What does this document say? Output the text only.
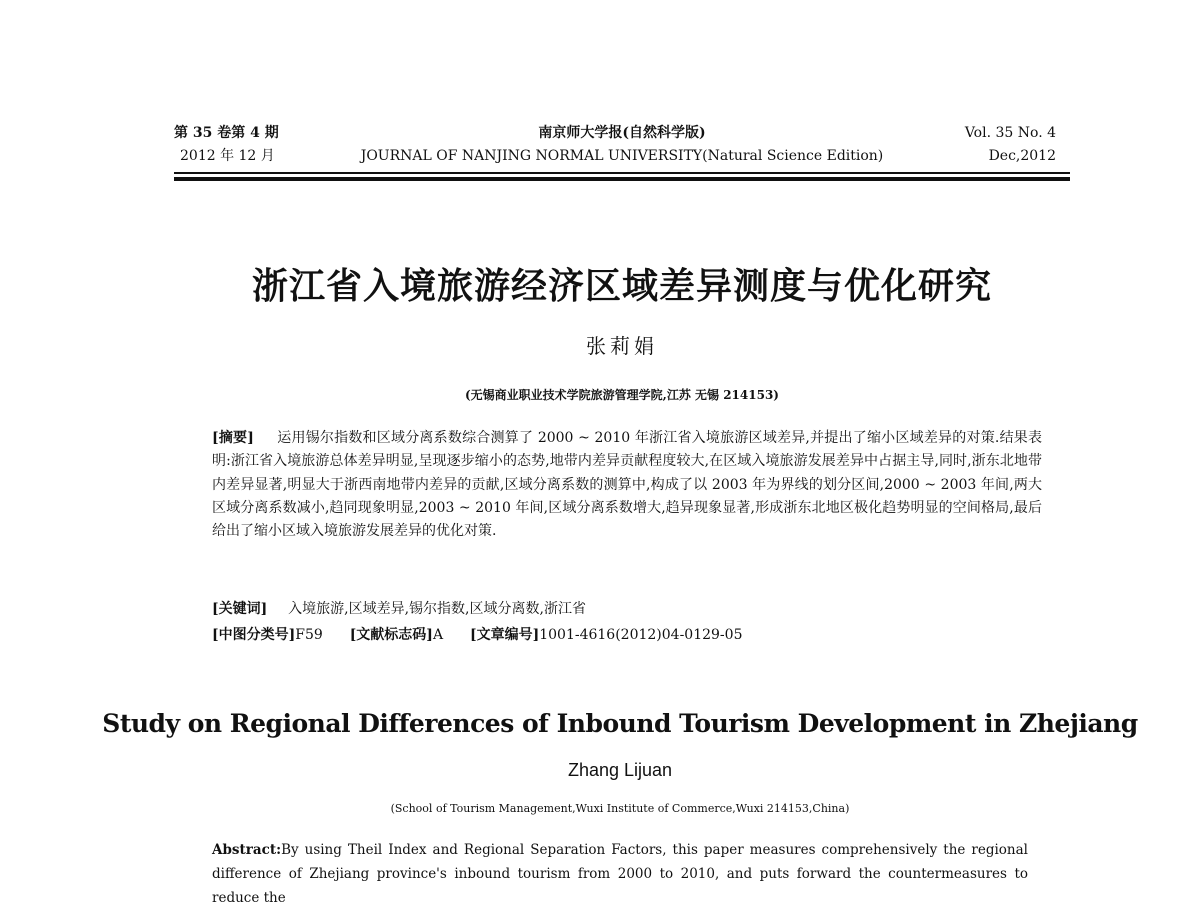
第 35 卷第 4 期
2012 年 12 月
南京师大学报(自然科学版)
JOURNAL OF NANJING NORMAL UNIVERSITY(Natural Science Edition)
Vol. 35 No. 4
Dec,2012
浙江省入境旅游经济区域差异测度与优化研究
张莉娟
(无锡商业职业技术学院旅游管理学院,江苏 无锡 214153)
[摘要] 运用锡尔指数和区域分离系数综合测算了 2000 ~ 2010 年浙江省入境旅游区域差异,并提出了缩小区域差异的对策.结果表明:浙江省入境旅游总体差异明显,呈现逐步缩小的态势,地带内差异贡献程度较大,在区域入境旅游发展差异中占据主导,同时,浙东北地带内差异显著,明显大于浙西南地带内差异的贡献,区域分离系数的测算中,构成了以 2003 年为界线的划分区间,2000 ~ 2003 年间,两大区域分离系数减小,趋同现象明显,2003 ~ 2010 年间,区域分离系数增大,趋异现象显著,形成浙东北地区极化趋势明显的空间格局,最后给出了缩小区域入境旅游发展差异的优化对策.
[关键词] 入境旅游,区域差异,锡尔指数,区域分离数,浙江省
[中图分类号]F59 [文献标志码]A [文章编号]1001-4616(2012)04-0129-05
Study on Regional Differences of Inbound Tourism Development in Zhejiang
Zhang Lijuan
(School of Tourism Management,Wuxi Institute of Commerce,Wuxi 214153,China)
Abstract:By using Theil Index and Regional Separation Factors, this paper measures comprehensively the regional difference of Zhejiang province's inbound tourism from 2000 to 2010, and puts forward the countermeasures to reduce the
